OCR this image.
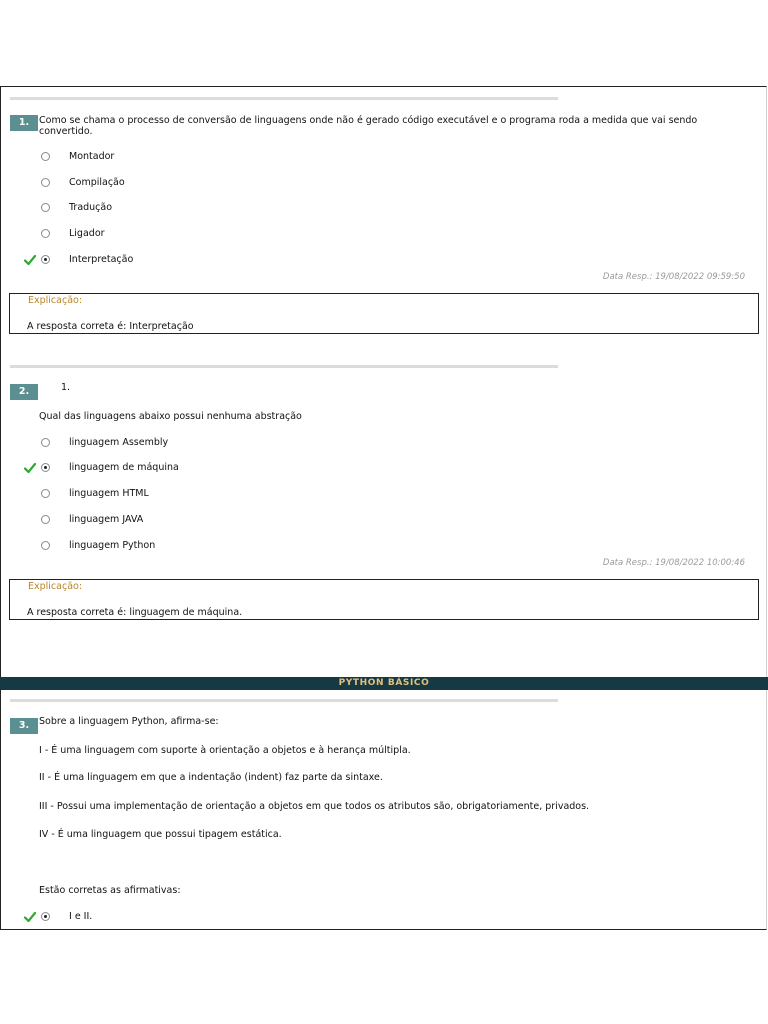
1.	Como se chama o processo de conversão de linguagens onde não é gerado código executável e o programa roda a medida que vai sendo convertido.
Montador
Compilação
Tradução
Ligador
Interpretação
Data Resp.: 19/08/2022 09:59:50
Explicação:
A resposta correta é: Interpretação
2.	1.
Qual das linguagens abaixo possui nenhuma abstração
linguagem Assembly
linguagem de máquina
linguagem HTML
linguagem JAVA
linguagem Python
Data Resp.: 19/08/2022 10:00:46
Explicação:
A resposta correta é: linguagem de máquina.
PYTHON BÁSICO
3.	Sobre a linguagem Python, afirma-se:
I - É uma linguagem com suporte à orientação a objetos e à herança múltipla.
II - É uma linguagem em que a indentação (indent) faz parte da sintaxe.
III - Possui uma implementação de orientação a objetos em que todos os atributos são, obrigatoriamente, privados.
IV - É uma linguagem que possui tipagem estática.
Estão corretas as afirmativas:
I e II.
